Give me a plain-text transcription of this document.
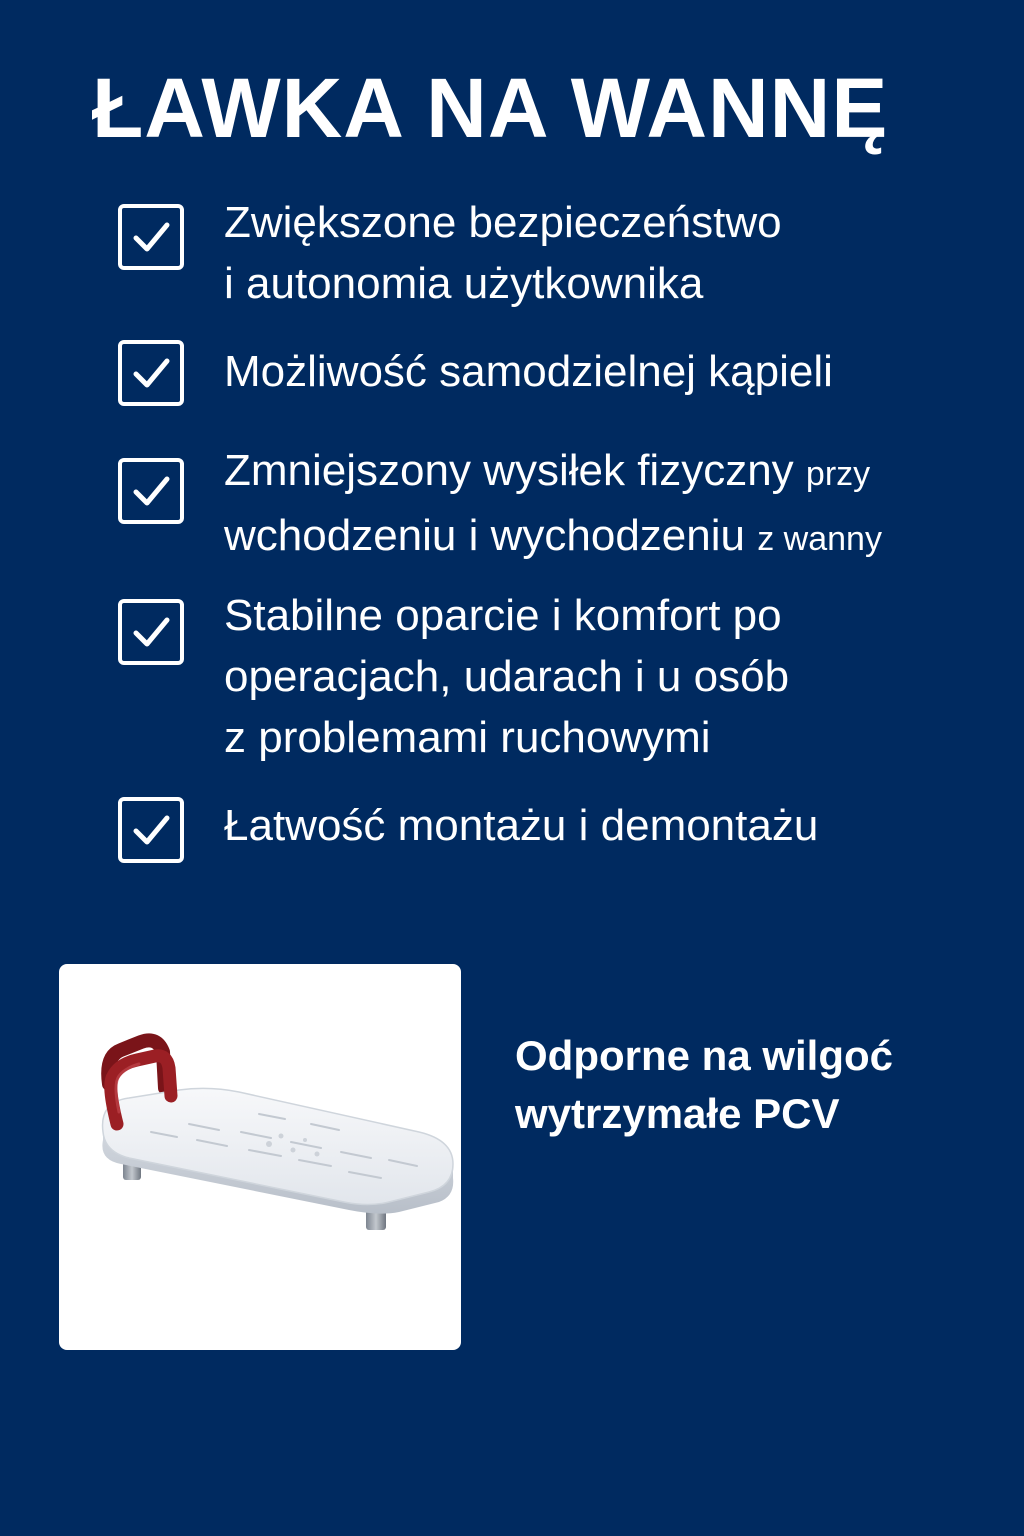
ŁAWKA NA WANNĘ
Zwiększone bezpieczeństwo
i autonomia użytkownika
Możliwość samodzielnej kąpieli
Zmniejszony wysiłek fizyczny przy
wchodzeniu i wychodzeniu z wanny
Stabilne oparcie i komfort po
operacjach, udarach i u osób
z problemami ruchowymi
Łatwość montażu i demontażu
Odporne na wilgoć
wytrzymałe PCV
